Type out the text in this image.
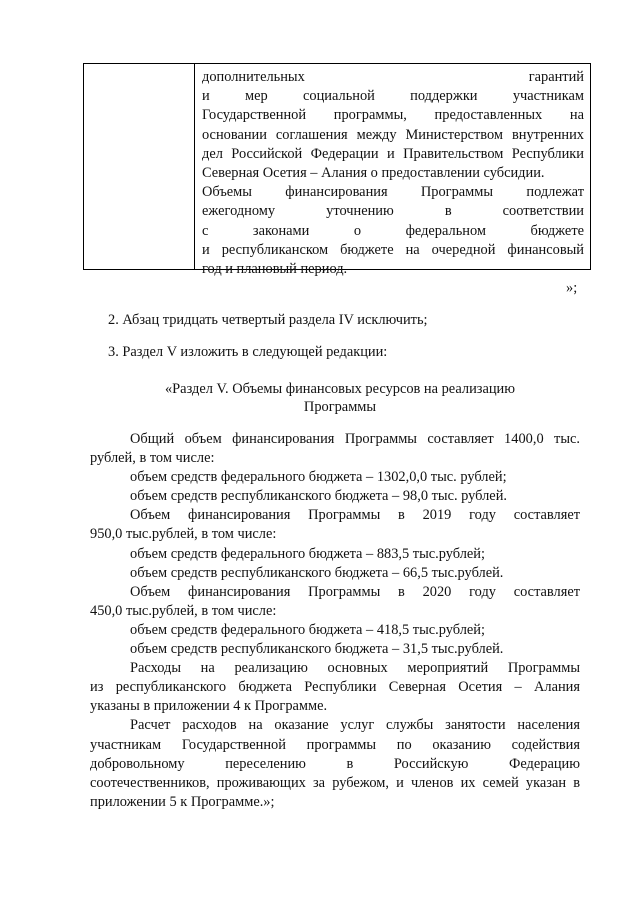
дополнительных гарантий
и мер социальной поддержки участникам
Государственной программы, предоставленных на
основании соглашения между Министерством внутренних
дел Российской Федерации и Правительством Республики
Северная Осетия – Алания о предоставлении субсидии.
Объемы финансирования Программы подлежат
ежегодному уточнению в соответствии
с законами о федеральном бюджете
и республиканском бюджете на очередной финансовый
год и плановый период.
»;
2. Абзац тридцать четвертый раздела IV исключить;
3. Раздел V изложить в следующей редакции:
«Раздел V. Объемы финансовых ресурсов на реализацию
Программы
Общий объем финансирования Программы составляет 1400,0 тыс.
рублей, в том числе:
объем средств федерального бюджета – 1302,0,0 тыс. рублей;
объем средств республиканского бюджета – 98,0 тыс. рублей.
Объем финансирования Программы в 2019 году составляет
950,0 тыс.рублей, в том числе:
объем средств федерального бюджета – 883,5 тыс.рублей;
объем средств республиканского бюджета – 66,5 тыс.рублей.
Объем финансирования Программы в 2020 году составляет
450,0 тыс.рублей, в том числе:
объем средств федерального бюджета – 418,5 тыс.рублей;
объем средств республиканского бюджета – 31,5 тыс.рублей.
Расходы на реализацию основных мероприятий Программы
из республиканского бюджета Республики Северная Осетия – Алания
указаны в приложении 4 к Программе.
Расчет расходов на оказание услуг службы занятости населения
участникам Государственной программы по оказанию содействия
добровольному переселению в Российскую Федерацию
соотечественников, проживающих за рубежом, и членов их семей указан в
приложении 5 к Программе.»;
